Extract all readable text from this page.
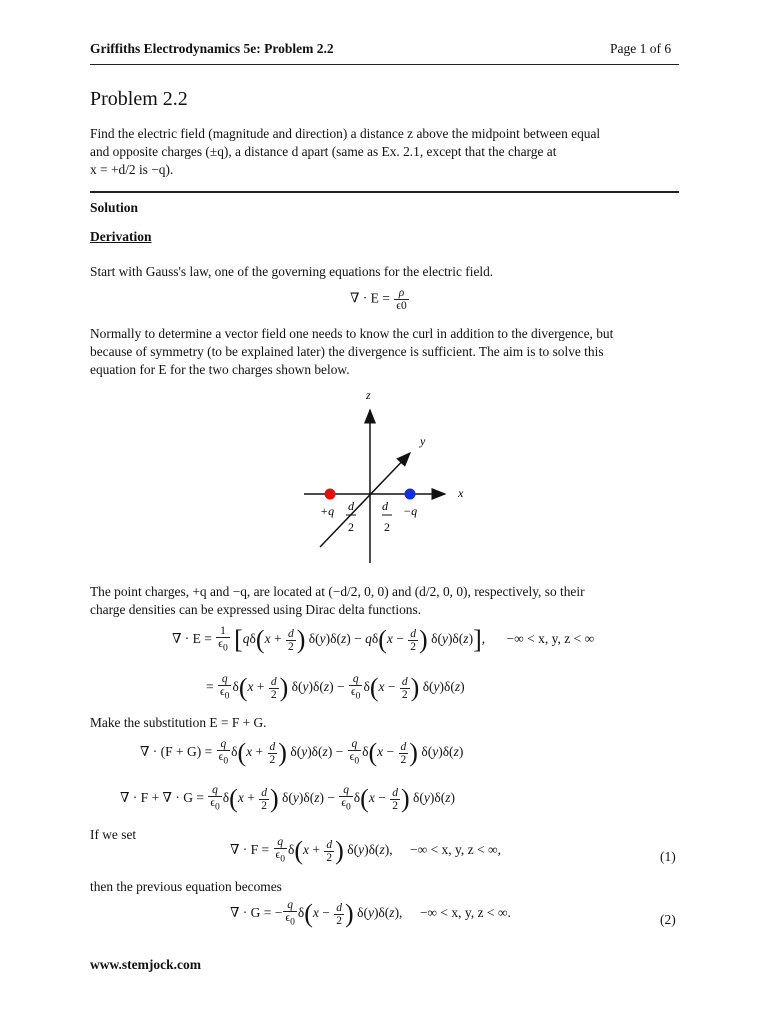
Griffiths Electrodynamics 5e: Problem 2.2	Page 1 of 6
Problem 2.2
Find the electric field (magnitude and direction) a distance z above the midpoint between equal
and opposite charges (±q), a distance d apart (same as Ex. 2.1, except that the charge at
x = +d/2 is −q).
Solution
Derivation
Start with Gauss's law, one of the governing equations for the electric field.
∇ · $E = \frac{\rho}{\epsilon 0}$
Normally to determine a vector field one needs to know the curl in addition to the divergence, but
because of symmetry (to be explained later) the divergence is sufficient. The aim is to solve this
equation for E for the two charges shown below.
z
y
x
+q	−q
d
2
d
2
The point charges, +q and −q, are located at (−d/2, 0, 0) and (d/2, 0, 0), respectively, so their
charge densities can be expressed using Dirac delta functions.
∇ · $E = \frac{1}{\epsilon_0} [q\delta(x + \frac{d}{2}$ ) $\delta(y)\delta(z) - q\delta(x - \frac{d}{2}$ ) δ(y)δ(z)], −∞ < x, y, z < ∞
= $\frac{q}{\epsilon_0} \delta(x + \frac{d}{2}$ ) $\delta(y)\delta(z) - \frac{q}{\epsilon_0} \delta(x - \frac{d}{2}$ ) δ(y)δ(z)
Make the substitution E = F + G.
∇ · $(F + G) = \frac{q}{\epsilon_0} \delta(x + \frac{d}{2}$ ) $\delta(y)\delta(z) - \frac{q}{\epsilon_0} \delta(x - \frac{d}{2}$ ) δ(y)δ(z)
∇ · F + ∇ · $G = \frac{q}{\epsilon_0} \delta(x + \frac{d}{2}$ ) $\delta(y)\delta(z) - \frac{q}{\epsilon_0} \delta(x - \frac{d}{2}$ ) δ(y)δ(z)
If we set
∇ · $F = \frac{q}{\epsilon_0} \delta(x + \frac{d}{2}$ ) δ(y)δ(z), −∞ < x, y, z < ∞,	(1)
then the previous equation becomes
∇ · G = − $\frac{q}{\epsilon_0} \delta(x - \frac{d}{2}$ ) δ(y)δ(z), −∞ < x, y, z < ∞.	(2)
www.stemjock.com
